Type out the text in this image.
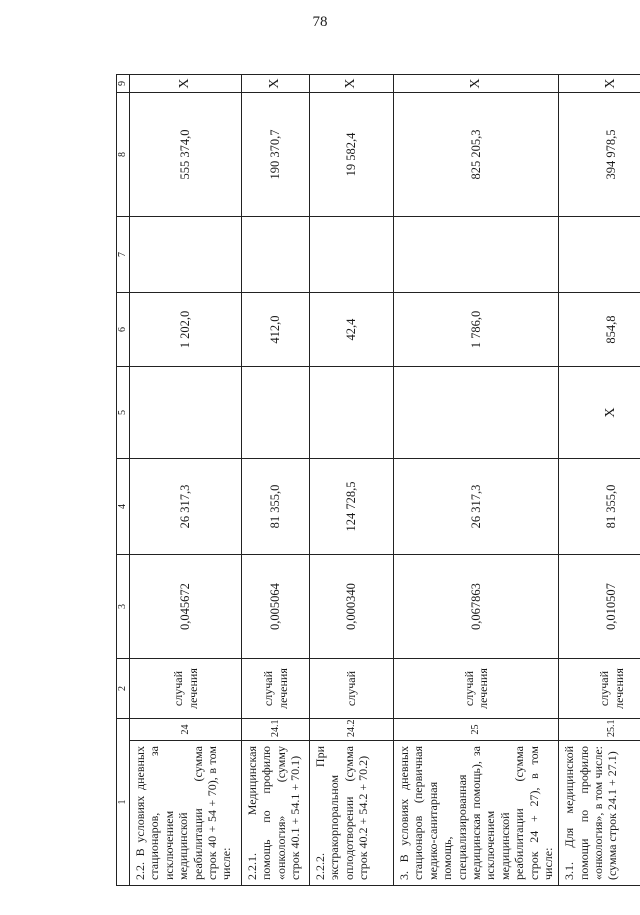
78
1		2	3	4	5	6	7	8	9
2.2. В условиях дневных стационаров, за исключением медицинской реабилитации (сумма строк 40 + 54 + 70), в том числе:	24	случай лечения	0,045672	26 317,3		1 202,0		555 374,0	X
2.2.1. Медицинская помощь по профилю «онкология» (сумму строк 40.1 + 54.1 + 70.1)	24.1	случай лечения	0,005064	81 355,0		412,0		190 370,7	X
2.2.2. При экстракорпоральном оплодотворении (сумма строк 40.2 + 54.2 + 70.2)	24.2	случай	0,000340	124 728,5		42,4		19 582,4	X
3. В условиях дневных стационаров (первичная медико-санитарная помощь, специализированная медицинская помощь), за исключением медицинской реабилитации (сумма строк 24 + 27), в том числе:	25	случай лечения	0,067863	26 317,3		1 786,0		825 205,3	X
3.1. Для медицинской помощи по профилю «онкология», в том числе: (сумма строк 24.1 + 27.1)	25.1	случай лечения	0,010507	81 355,0	X	854,8		394 978,5	X
